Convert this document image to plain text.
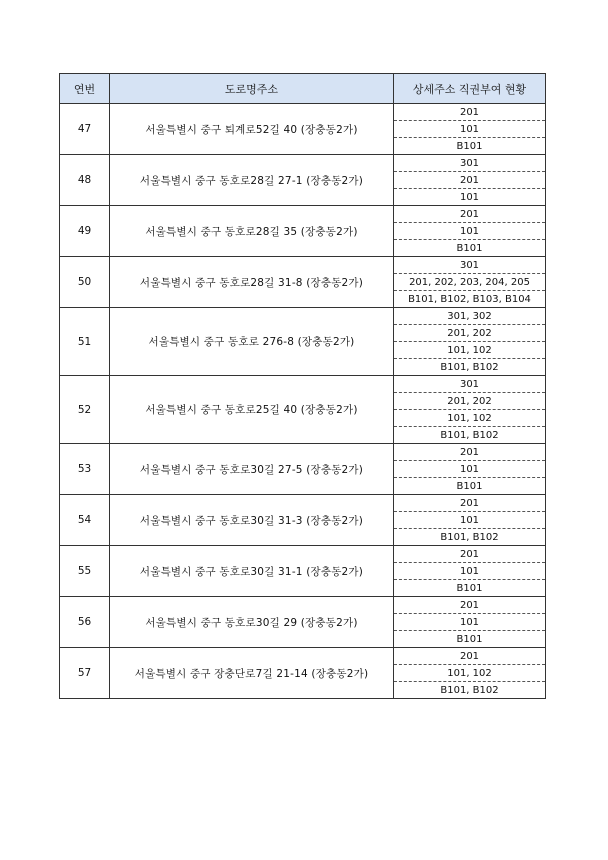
연번	도로명주소	상세주소 직권부여 현황
47	서울특별시 중구 퇴계로52길 40 (장충동2가)	201
		101
		B101
48	서울특별시 중구 동호로28길 27-1 (장충동2가)	301
		201
		101
49	서울특별시 중구 동호로28길 35 (장충동2가)	201
		101
		B101
50	서울특별시 중구 동호로28길 31-8 (장충동2가)	301
		201, 202, 203, 204, 205
		B101, B102, B103, B104
51	서울특별시 중구 동호로 276-8 (장충동2가)	301, 302
		201, 202
		101, 102
		B101, B102
52	서울특별시 중구 동호로25길 40 (장충동2가)	301
		201, 202
		101, 102
		B101, B102
53	서울특별시 중구 동호로30길 27-5 (장충동2가)	201
		101
		B101
54	서울특별시 중구 동호로30길 31-3 (장충동2가)	201
		101
		B101, B102
55	서울특별시 중구 동호로30길 31-1 (장충동2가)	201
		101
		B101
56	서울특별시 중구 동호로30길 29 (장충동2가)	201
		101
		B101
57	서울특별시 중구 장충단로7길 21-14 (장충동2가)	201
		101, 102
		B101, B102
